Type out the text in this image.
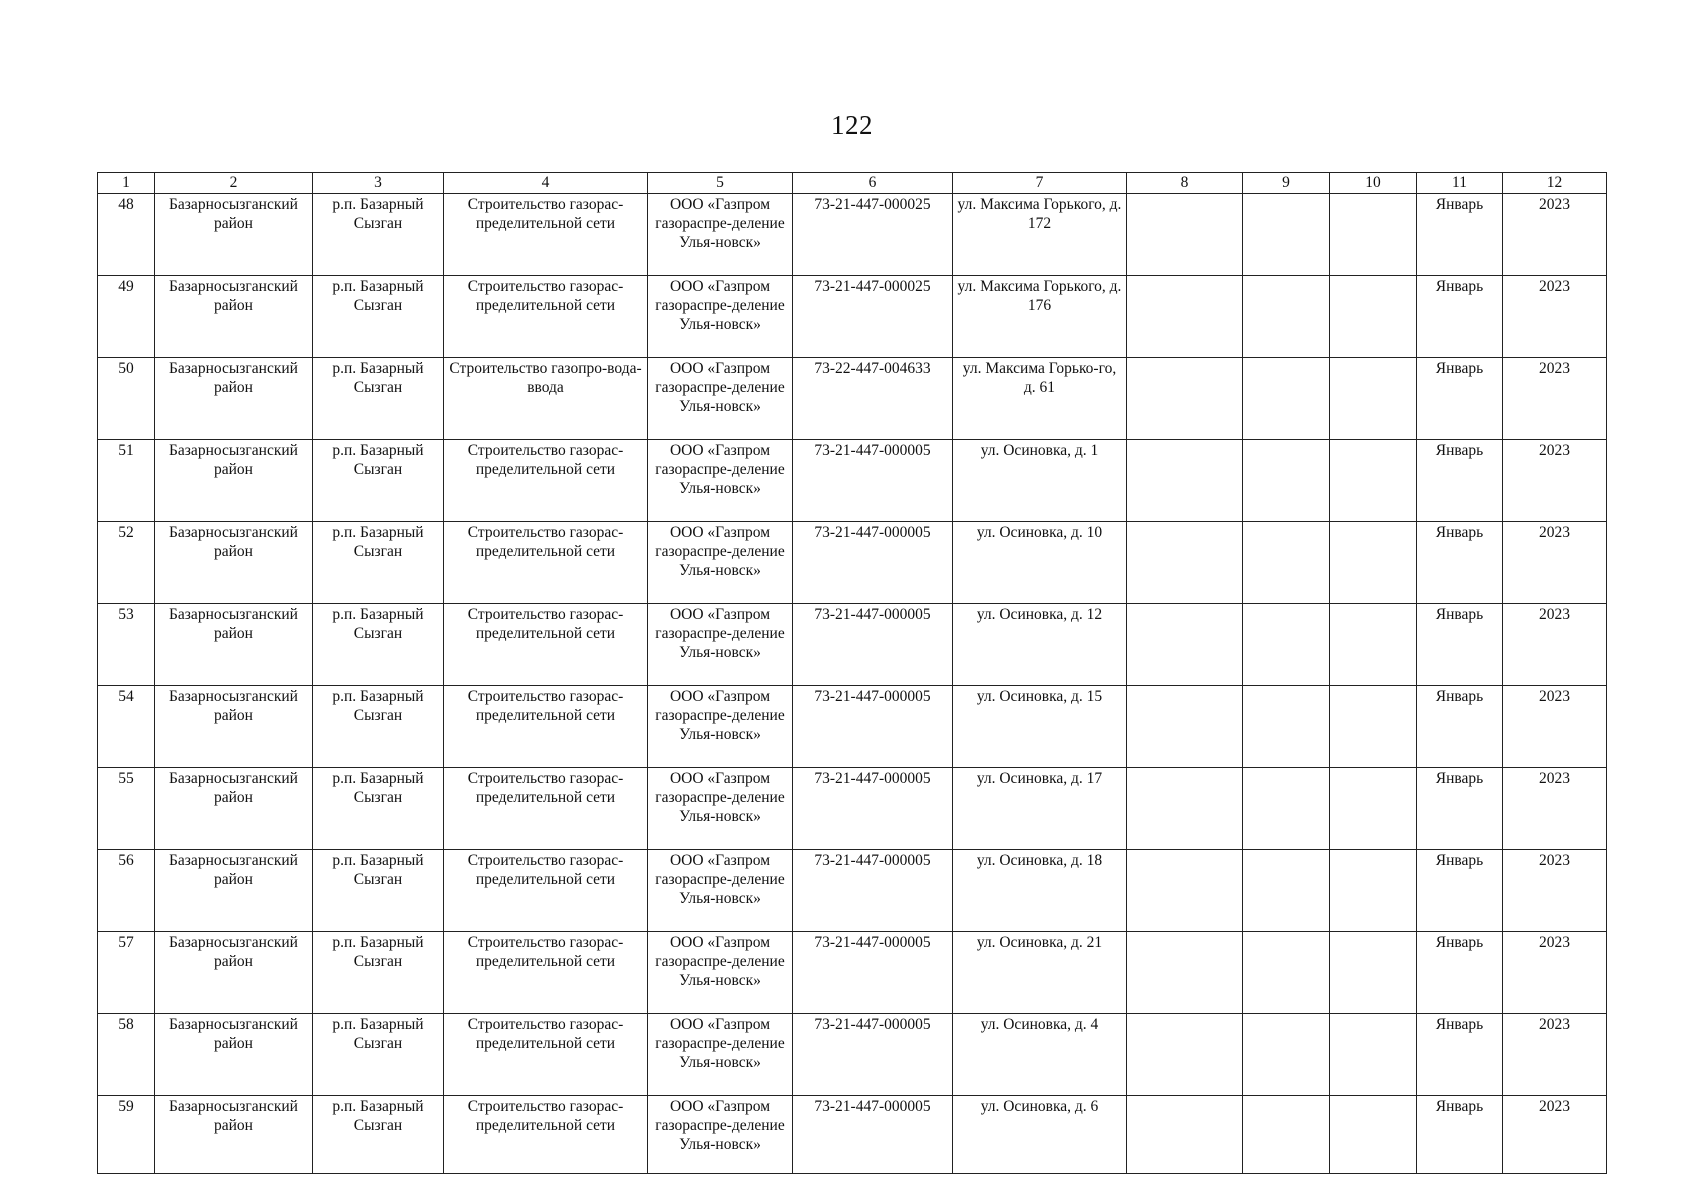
122
1	2	3	4	5	6	7	8	9	10	11	12
48	Базарносызганский район	р.п. Базарный Сызган	Строительство газорас-пределительной сети	ООО «Газпром газораспре-деление Улья-новск»	73-21-447-000025	ул. Максима Горького, д. 172				Январь	2023
49	Базарносызганский район	р.п. Базарный Сызган	Строительство газорас-пределительной сети	ООО «Газпром газораспре-деление Улья-новск»	73-21-447-000025	ул. Максима Горького, д. 176				Январь	2023
50	Базарносызганский район	р.п. Базарный Сызган	Строительство газопро-вода-ввода	ООО «Газпром газораспре-деление Улья-новск»	73-22-447-004633	ул. Максима Горько-го, д. 61				Январь	2023
51	Базарносызганский район	р.п. Базарный Сызган	Строительство газорас-пределительной сети	ООО «Газпром газораспре-деление Улья-новск»	73-21-447-000005	ул. Осиновка, д. 1				Январь	2023
52	Базарносызганский район	р.п. Базарный Сызган	Строительство газорас-пределительной сети	ООО «Газпром газораспре-деление Улья-новск»	73-21-447-000005	ул. Осиновка, д. 10				Январь	2023
53	Базарносызганский район	р.п. Базарный Сызган	Строительство газорас-пределительной сети	ООО «Газпром газораспре-деление Улья-новск»	73-21-447-000005	ул. Осиновка, д. 12				Январь	2023
54	Базарносызганский район	р.п. Базарный Сызган	Строительство газорас-пределительной сети	ООО «Газпром газораспре-деление Улья-новск»	73-21-447-000005	ул. Осиновка, д. 15				Январь	2023
55	Базарносызганский район	р.п. Базарный Сызган	Строительство газорас-пределительной сети	ООО «Газпром газораспре-деление Улья-новск»	73-21-447-000005	ул. Осиновка, д. 17				Январь	2023
56	Базарносызганский район	р.п. Базарный Сызган	Строительство газорас-пределительной сети	ООО «Газпром газораспре-деление Улья-новск»	73-21-447-000005	ул. Осиновка, д. 18				Январь	2023
57	Базарносызганский район	р.п. Базарный Сызган	Строительство газорас-пределительной сети	ООО «Газпром газораспре-деление Улья-новск»	73-21-447-000005	ул. Осиновка, д. 21				Январь	2023
58	Базарносызганский район	р.п. Базарный Сызган	Строительство газорас-пределительной сети	ООО «Газпром газораспре-деление Улья-новск»	73-21-447-000005	ул. Осиновка, д. 4				Январь	2023
59	Базарносызганский район	р.п. Базарный Сызган	Строительство газорас-пределительной сети	ООО «Газпром газораспре-деление Улья-новск»	73-21-447-000005	ул. Осиновка, д. 6				Январь	2023
